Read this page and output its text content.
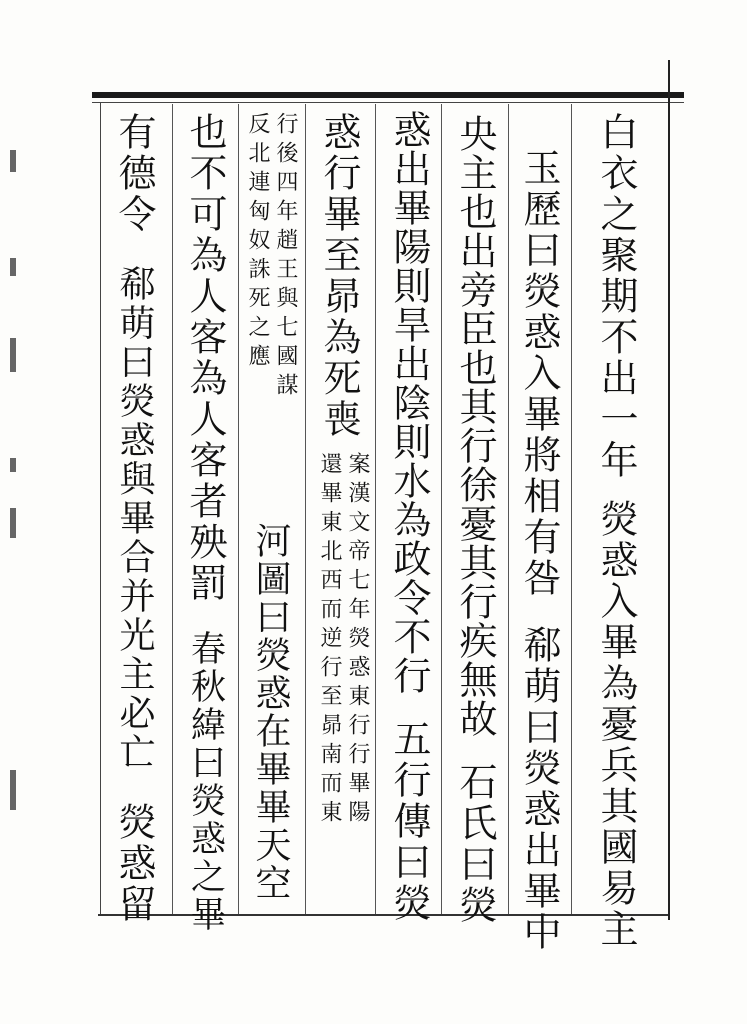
白衣之聚期不出一年
熒惑入畢為憂兵其國易主
玉歷曰熒惑入畢將相有咎
郗萌曰熒惑出畢中
央主也出旁臣也其行徐憂其行疾無故
石氏曰熒
惑出畢陽則旱出陰則水為政令不行
五行傳曰熒
惑行畢至昴為死喪
案漢文帝七年熒惑東行行畢陽
還畢東北西而逆行至昴南而東
河圖曰熒惑在畢畢天空
行後四年趙王與七國謀
反北連匈奴誅死之應
也不可為人客為人客者殃罰
春秋緯曰熒惑之畢
有德令
郗萌曰熒惑與畢合并光主必亡
熒惑留
